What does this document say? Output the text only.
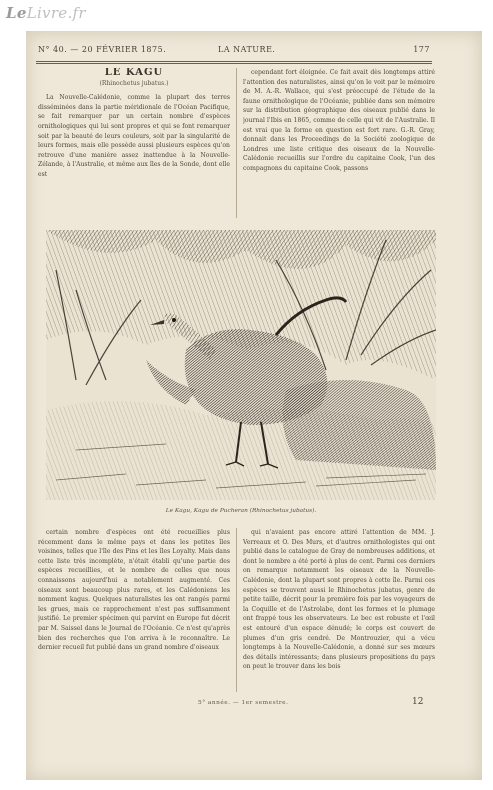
LeLivre.fr
N° 40. — 20 FÉVRIER 1875.	LA NATURE.	177
LE KAGU
(Rhinochetus jubatus.)

La Nouvelle-Calédonie, comme la plupart des terres disséminées dans la partie méridionale de l'Océan Pacifique, se fait remarquer par un certain nombre d'espèces ornithologiques qui lui sont propres et qui se font remarquer soit par la beauté de leurs couleurs, soit par la singularité de leurs formes, mais elle possède aussi plusieurs espèces qu'on retrouve d'une manière assez inattendue à la Nouvelle-Zélande, à l'Australie, et même aux îles de la Sonde, dont elle est

cependant fort éloignée. Ce fait avait dès longtemps attiré l'attention des naturalistes, ainsi qu'on le voit par le mémoire de M. A.-R. Wallace, qui s'est préoccupé de l'étude de la faune ornithologique de l'Océanie, publiée dans son mémoire sur la distribution géographique des oiseaux publié dans le journal l'Ibis en 1865, comme de celle qui vit de l'Australie. Il est vrai que la forme en question est fort rare. G.-R. Gray, donnait dans les Proceedings de la Société zoologique de Londres une liste critique des oiseaux de la Nouvelle-Calédonie recueillis sur l'ordre du capitaine Cook, l'un des compagnons du capitaine Cook, passons

Le Kagu, Kagu de Pucheran (Rhinochetus jubatus).

certain nombre d'espèces ont été recueillies plus récemment dans le même pays et dans les petites îles voisines, telles que l'île des Pins et les îles Loyalty. Mais dans cette liste très incomplète, n'était établi qu'une partie des espèces recueillies, et le nombre de celles que nous connaissons aujourd'hui a notablement augmenté. Ces oiseaux sont beaucoup plus rares, et les Calédoniens les nomment kagus. Quelques naturalistes les ont rangés parmi les grues, mais ce rapprochement n'est pas suffisamment justifié. Le premier spécimen qui parvint en Europe fut décrit par M. Saissel dans le Journal de l'Océanie. Ce n'est qu'après bien des recherches que l'on arriva à le reconnaître. Le dernier recueil fut publié dans un grand nombre d'oiseaux

qui n'avaient pas encore attiré l'attention de MM. J. Verreaux et O. Des Murs, et d'autres ornithologistes qui ont publié dans le catalogue de Gray de nombreuses additions, et dont le nombre a été porté à plus de cent. Parmi ces derniers on remarque notamment les oiseaux de la Nouvelle-Calédonie, dont la plupart sont propres à cette île. Parmi ces espèces se trouvent aussi le Rhinochetus jubatus, genre de petite taille, décrit pour la première fois par les voyageurs de la Coquille et de l'Astrolabe, dont les formes et le plumage ont frappé tous les observateurs. Le bec est robuste et l'œil est entouré d'un espace dénudé; le corps est couvert de plumes d'un gris cendré. De Montrouzier, qui a vécu longtemps à la Nouvelle-Calédonie, a donné sur ses mœurs des détails intéressants; dans plusieurs propositions du pays on peut le trouver dans les bois

5° année. — 1er semestre.	12
